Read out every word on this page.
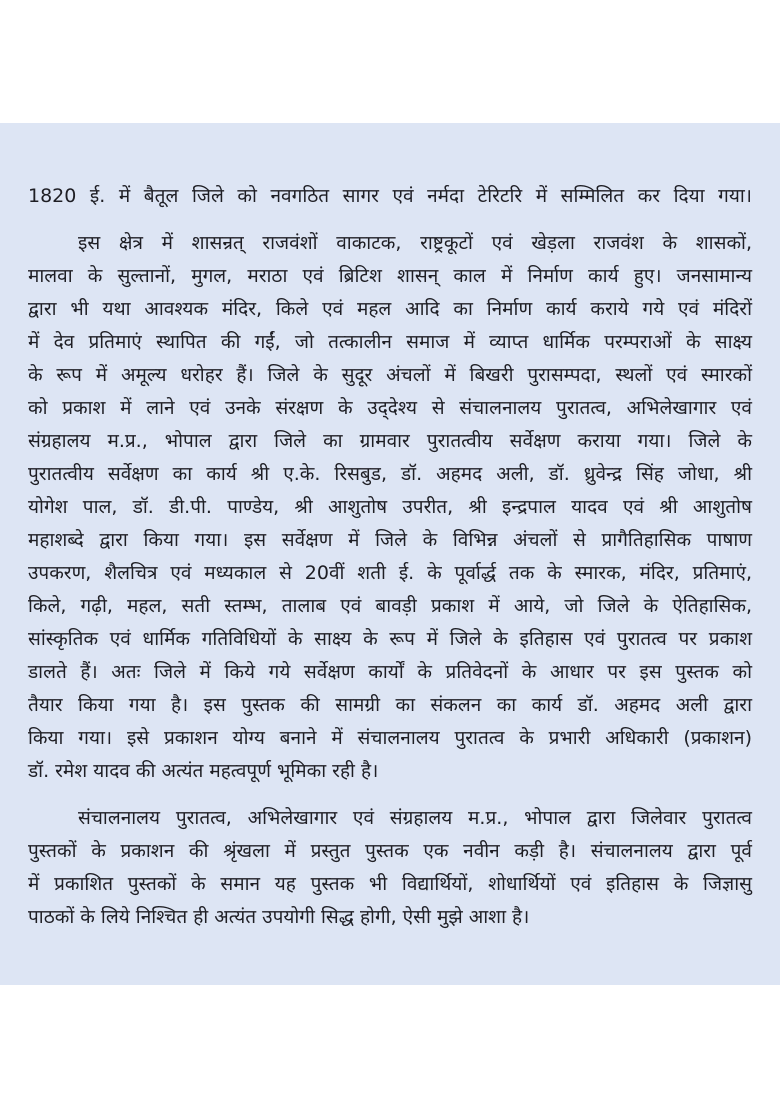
1820 ई. में बैतूल जिले को नवगठित सागर एवं नर्मदा टेरिटरि में सम्मिलित कर दिया गया।
इस क्षेत्र में शासन्रत् राजवंशों वाकाटक, राष्ट्रकूटों एवं खेड़ला राजवंश के शासकों,
मालवा के सुल्तानों, मुगल, मराठा एवं ब्रिटिश शासन् काल में निर्माण कार्य हुए। जनसामान्य
द्वारा भी यथा आवश्यक मंदिर, किले एवं महल आदि का निर्माण कार्य कराये गये एवं मंदिरों
में देव प्रतिमाएं स्थापित की गईं, जो तत्कालीन समाज में व्याप्त धार्मिक परम्पराओं के साक्ष्य
के रूप में अमूल्य धरोहर हैं। जिले के सुदूर अंचलों में बिखरी पुरासम्पदा, स्थलों एवं स्मारकों
को प्रकाश में लाने एवं उनके संरक्षण के उद्‍देश्य से संचालनालय पुरातत्व, अभिलेखागार एवं
संग्रहालय म.प्र., भोपाल द्वारा जिले का ग्रामवार पुरातत्वीय सर्वेक्षण कराया गया। जिले के
पुरातत्वीय सर्वेक्षण का कार्य श्री ए.के. रिसबुड, डॉ. अहमद अली, डॉ. ध्रुवेन्द्र सिंह जोधा, श्री
योगेश पाल, डॉ. डी.पी. पाण्डेय, श्री आशुतोष उपरीत, श्री इन्द्रपाल यादव एवं श्री आशुतोष
महाशब्दे द्वारा किया गया। इस सर्वेक्षण में जिले के विभिन्न अंचलों से प्रागैतिहासिक पाषाण
उपकरण, शैलचित्र एवं मध्यकाल से 20वीं शती ई. के पूर्वार्द्ध तक के स्मारक, मंदिर, प्रतिमाएं,
किले, गढ़ी, महल, सती स्तम्भ, तालाब एवं बावड़ी प्रकाश में आये, जो जिले के ऐतिहासिक,
सांस्कृतिक एवं धार्मिक गतिविधियों के साक्ष्य के रूप में जिले के इतिहास एवं पुरातत्व पर प्रकाश
डालते हैं। अतः जिले में किये गये सर्वेक्षण कार्यों के प्रतिवेदनों के आधार पर इस पुस्तक को
तैयार किया गया है। इस पुस्तक की सामग्री का संकलन का कार्य डॉ. अहमद अली द्वारा
किया गया। इसे प्रकाशन योग्य बनाने में संचालनालय पुरातत्व के प्रभारी अधिकारी (प्रकाशन)
डॉ. रमेश यादव की अत्यंत महत्वपूर्ण भूमिका रही है।
संचालनालय पुरातत्व, अभिलेखागार एवं संग्रहालय म.प्र., भोपाल द्वारा जिलेवार पुरातत्व
पुस्तकों के प्रकाशन की श्रृंखला में प्रस्तुत पुस्तक एक नवीन कड़ी है। संचालनालय द्वारा पूर्व
में प्रकाशित पुस्तकों के समान यह पुस्तक भी विद्यार्थियों, शोधार्थियों एवं इतिहास के जिज्ञासु
पाठकों के लिये निश्चित ही अत्यंत उपयोगी सिद्ध होगी, ऐसी मुझे आशा है।
